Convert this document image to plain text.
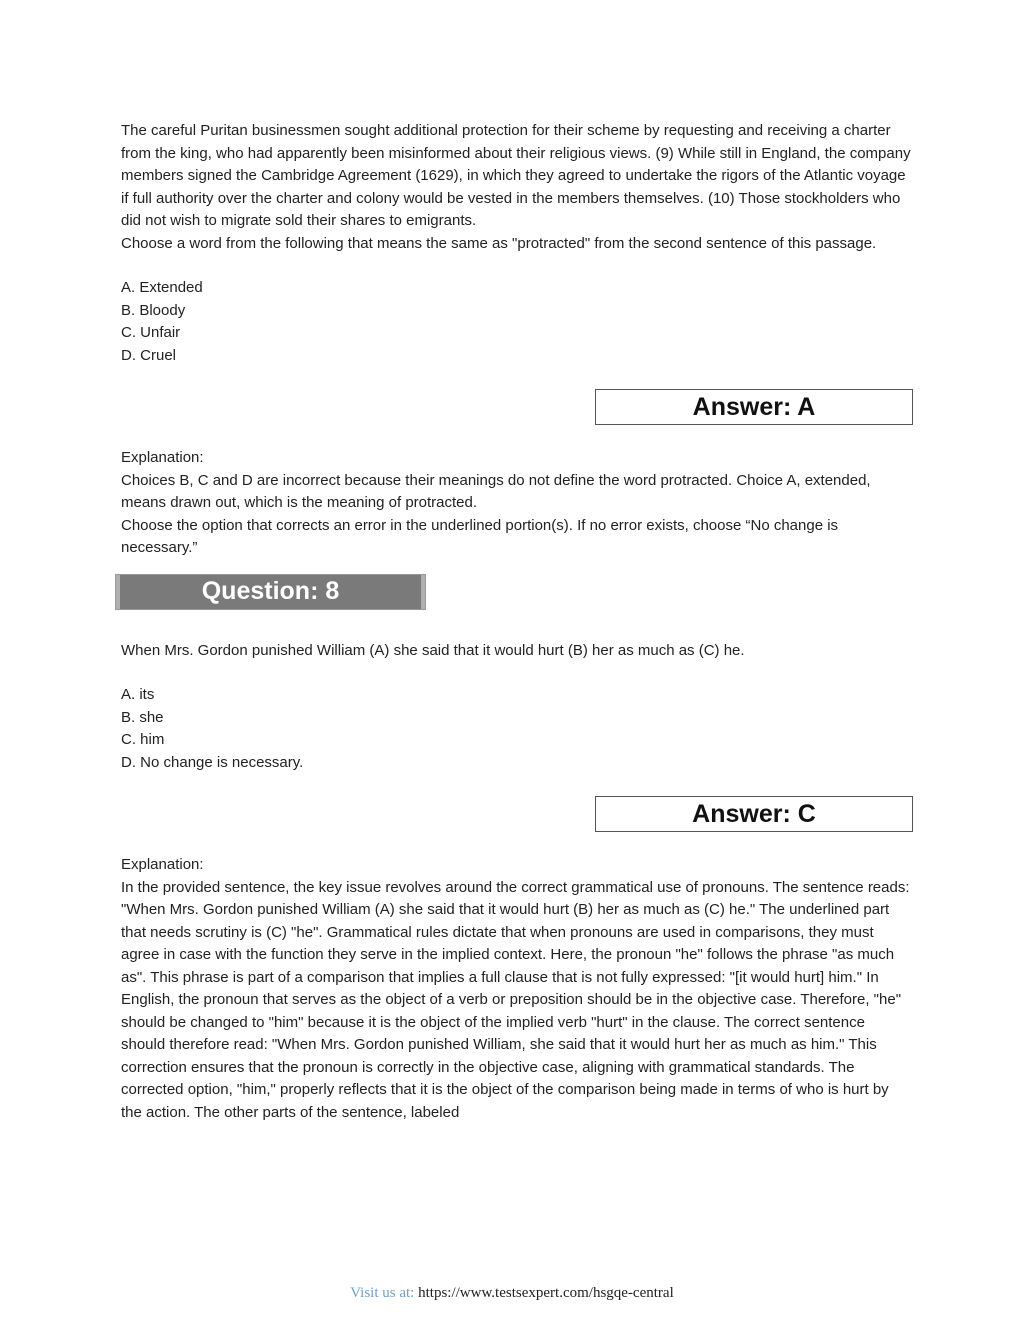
The careful Puritan businessmen sought additional protection for their scheme by requesting and receiving a charter from the king, who had apparently been misinformed about their religious views. (9) While still in England, the company members signed the Cambridge Agreement (1629), in which they agreed to undertake the rigors of the Atlantic voyage if full authority over the charter and colony would be vested in the members themselves. (10) Those stockholders who did not wish to migrate sold their shares to emigrants.

Choose a word from the following that means the same as "protracted" from the second sentence of this passage.

A. Extended

B. Bloody

C. Unfair

D. Cruel

Answer: A

Explanation:

Choices B, C and D are incorrect because their meanings do not define the word protracted. Choice A, extended, means drawn out, which is the meaning of protracted.

Choose the option that corrects an error in the underlined portion(s). If no error exists, choose “No change is necessary.”

Question: 8

When Mrs. Gordon punished William (A) she said that it would hurt (B) her as much as (C) he.

A. its

B. she

C. him

D. No change is necessary.

Answer: C

Explanation:

In the provided sentence, the key issue revolves around the correct grammatical use of pronouns. The sentence reads: "When Mrs. Gordon punished William (A) she said that it would hurt (B) her as much as (C) he." The underlined part that needs scrutiny is (C) "he". Grammatical rules dictate that when pronouns are used in comparisons, they must agree in case with the function they serve in the implied context. Here, the pronoun "he" follows the phrase "as much as". This phrase is part of a comparison that implies a full clause that is not fully expressed: "[it would hurt] him." In English, the pronoun that serves as the object of a verb or preposition should be in the objective case. Therefore, "he" should be changed to "him" because it is the object of the implied verb "hurt" in the clause. The correct sentence should therefore read: "When Mrs. Gordon punished William, she said that it would hurt her as much as him." This correction ensures that the pronoun is correctly in the objective case, aligning with grammatical standards. The corrected option, "him," properly reflects that it is the object of the comparison being made in terms of who is hurt by the action. The other parts of the sentence, labeled

Visit us at: https://www.testsexpert.com/hsgqe-central
